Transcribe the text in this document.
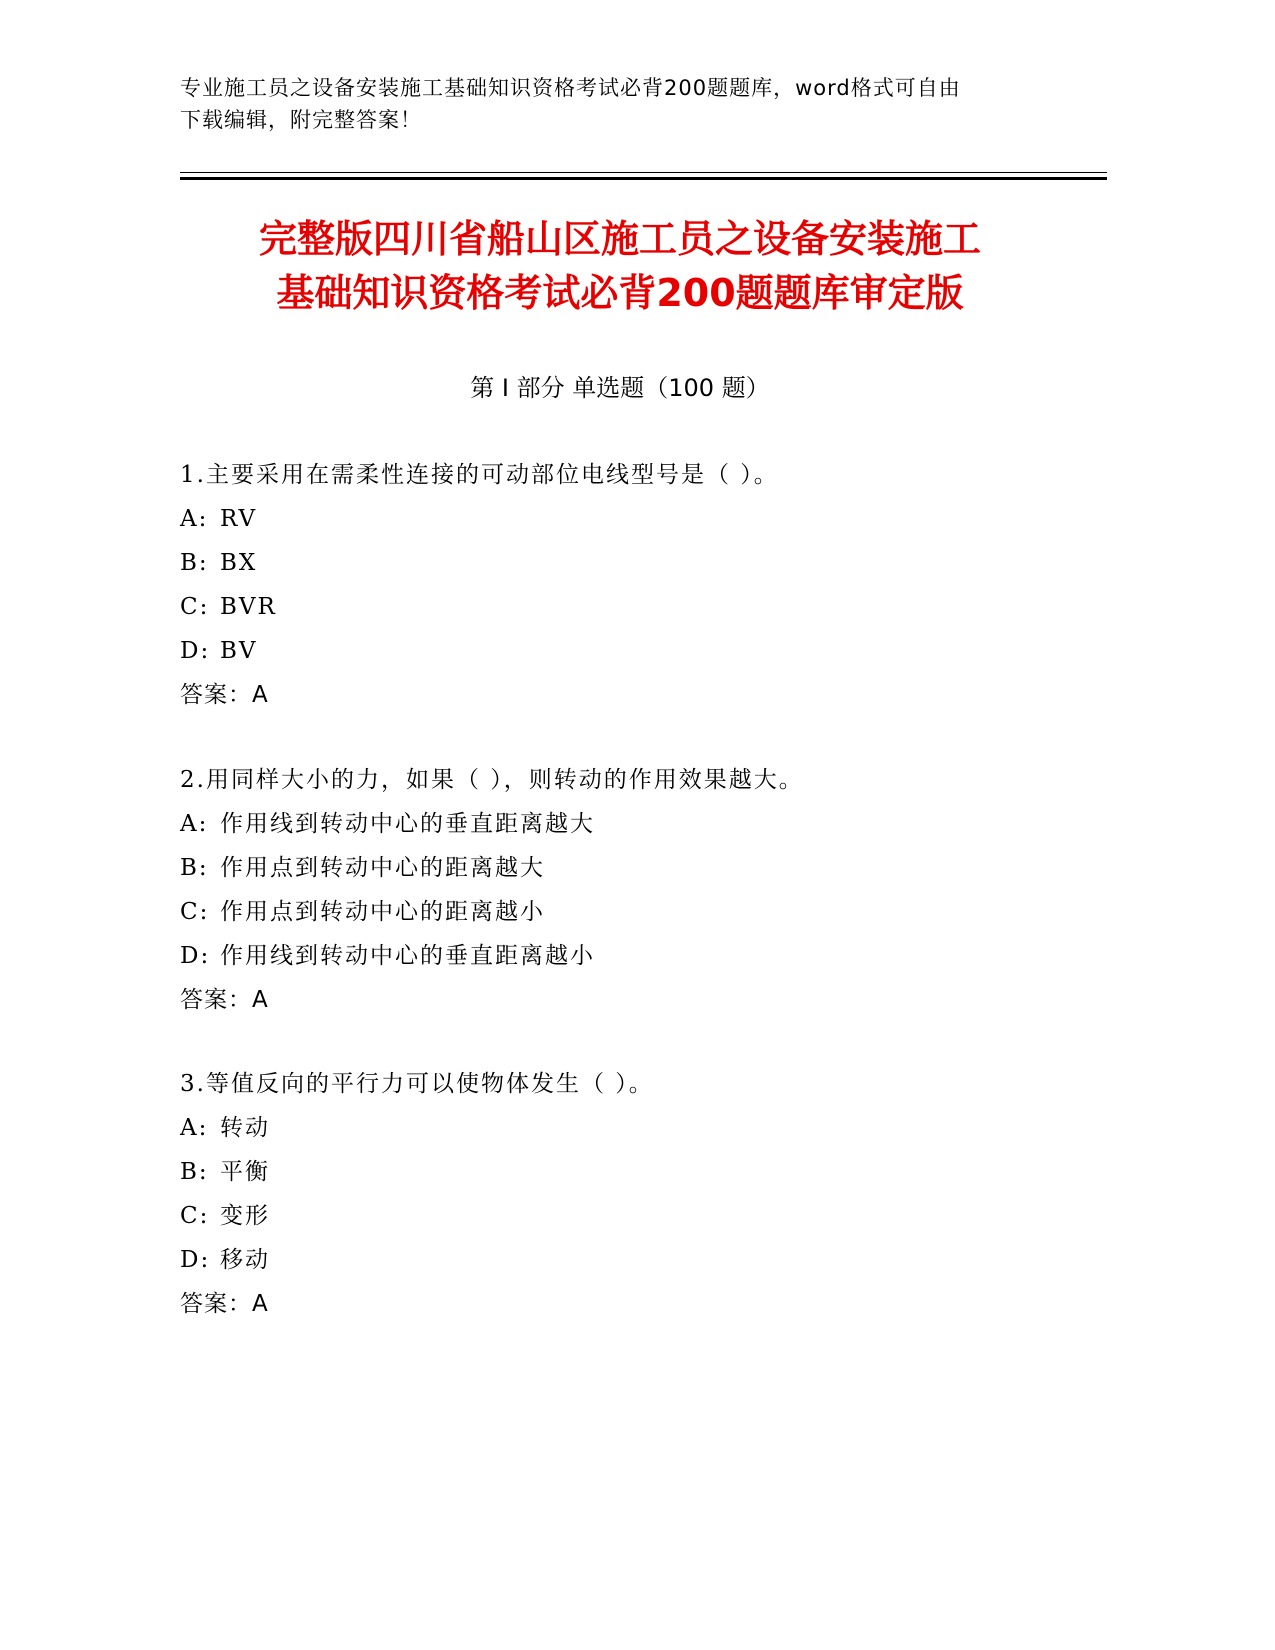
专业施工员之设备安装施工基础知识资格考试必背200题题库，word格式可自由
下载编辑，附完整答案！
完整版四川省船山区施工员之设备安装施工
基础知识资格考试必背200题题库审定版
第 I 部分 单选题（100 题）
1.主要采用在需柔性连接的可动部位电线型号是（ ）。
A: RV
B: BX
C: BVR
D: BV
答案：A
2.用同样大小的力，如果（ ），则转动的作用效果越大。
A: 作用线到转动中心的垂直距离越大
B: 作用点到转动中心的距离越大
C: 作用点到转动中心的距离越小
D: 作用线到转动中心的垂直距离越小
答案：A
3.等值反向的平行力可以使物体发生（ ）。
A: 转动
B: 平衡
C: 变形
D: 移动
答案：A
